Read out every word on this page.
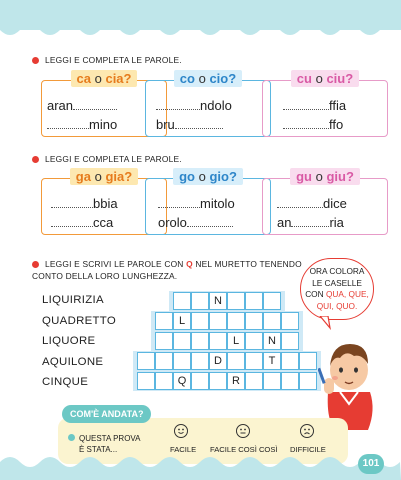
LEGGI E COMPLETA LE PAROLE.
ca o cia?
aran
mino
co o cio?
ndolo
bru
cu o ciu?
ffia
ffo
LEGGI E COMPLETA LE PAROLE.
ga o gia?
bbia
cca
go o gio?
mitolo
orolo
gu o giu?
dice
an	ria
LEGGI E SCRIVI LE PAROLE CON Q NEL MURETTO TENENDO
CONTO DELLA LORO LUNGHEZZA.
LIQUIRIZIA
QUADRETTO
LIQUORE
AQUILONE
CINQUE
N
L
L	N
D	T
Q	R
ORA COLORA
LE CASELLE
CON QUA, QUE,
QUI, QUO.
COM'È ANDATA?
QUESTA PROVA
È STATA...	FACILE FACILE COSÌ COSÌ DIFFICILE
101
